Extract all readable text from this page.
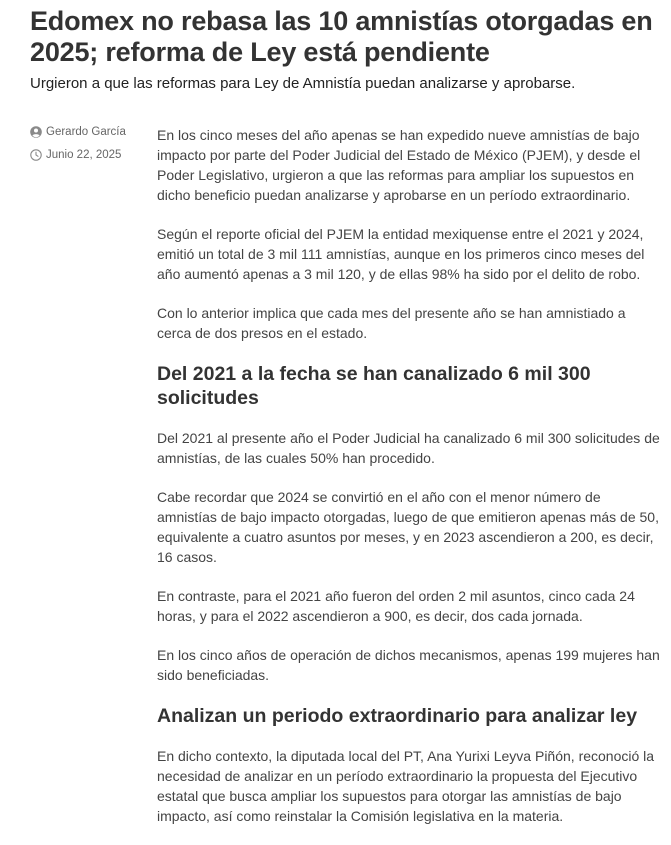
Edomex no rebasa las 10 amnistías otorgadas en 2025; reforma de Ley está pendiente

Urgieron a que las reformas para Ley de Amnistía puedan analizarse y aprobarse.

Gerardo García
Junio 22, 2025

En los cinco meses del año apenas se han expedido nueve amnistías de bajo impacto por parte del Poder Judicial del Estado de México (PJEM), y desde el Poder Legislativo, urgieron a que las reformas para ampliar los supuestos en dicho beneficio puedan analizarse y aprobarse en un período extraordinario.

Según el reporte oficial del PJEM la entidad mexiquense entre el 2021 y 2024, emitió un total de 3 mil 111 amnistías, aunque en los primeros cinco meses del año aumentó apenas a 3 mil 120, y de ellas 98% ha sido por el delito de robo.

Con lo anterior implica que cada mes del presente año se han amnistiado a cerca de dos presos en el estado.

Del 2021 a la fecha se han canalizado 6 mil 300 solicitudes

Del 2021 al presente año el Poder Judicial ha canalizado 6 mil 300 solicitudes de amnistías, de las cuales 50% han procedido.

Cabe recordar que 2024 se convirtió en el año con el menor número de amnistías de bajo impacto otorgadas, luego de que emitieron apenas más de 50, equivalente a cuatro asuntos por meses, y en 2023 ascendieron a 200, es decir, 16 casos.

En contraste, para el 2021 año fueron del orden 2 mil asuntos, cinco cada 24 horas, y para el 2022 ascendieron a 900, es decir, dos cada jornada.

En los cinco años de operación de dichos mecanismos, apenas 199 mujeres han sido beneficiadas.

Analizan un periodo extraordinario para analizar ley

En dicho contexto, la diputada local del PT, Ana Yurixi Leyva Piñón, reconoció la necesidad de analizar en un período extraordinario la propuesta del Ejecutivo estatal que busca ampliar los supuestos para otorgar las amnistías de bajo impacto, así como reinstalar la Comisión legislativa en la materia.
